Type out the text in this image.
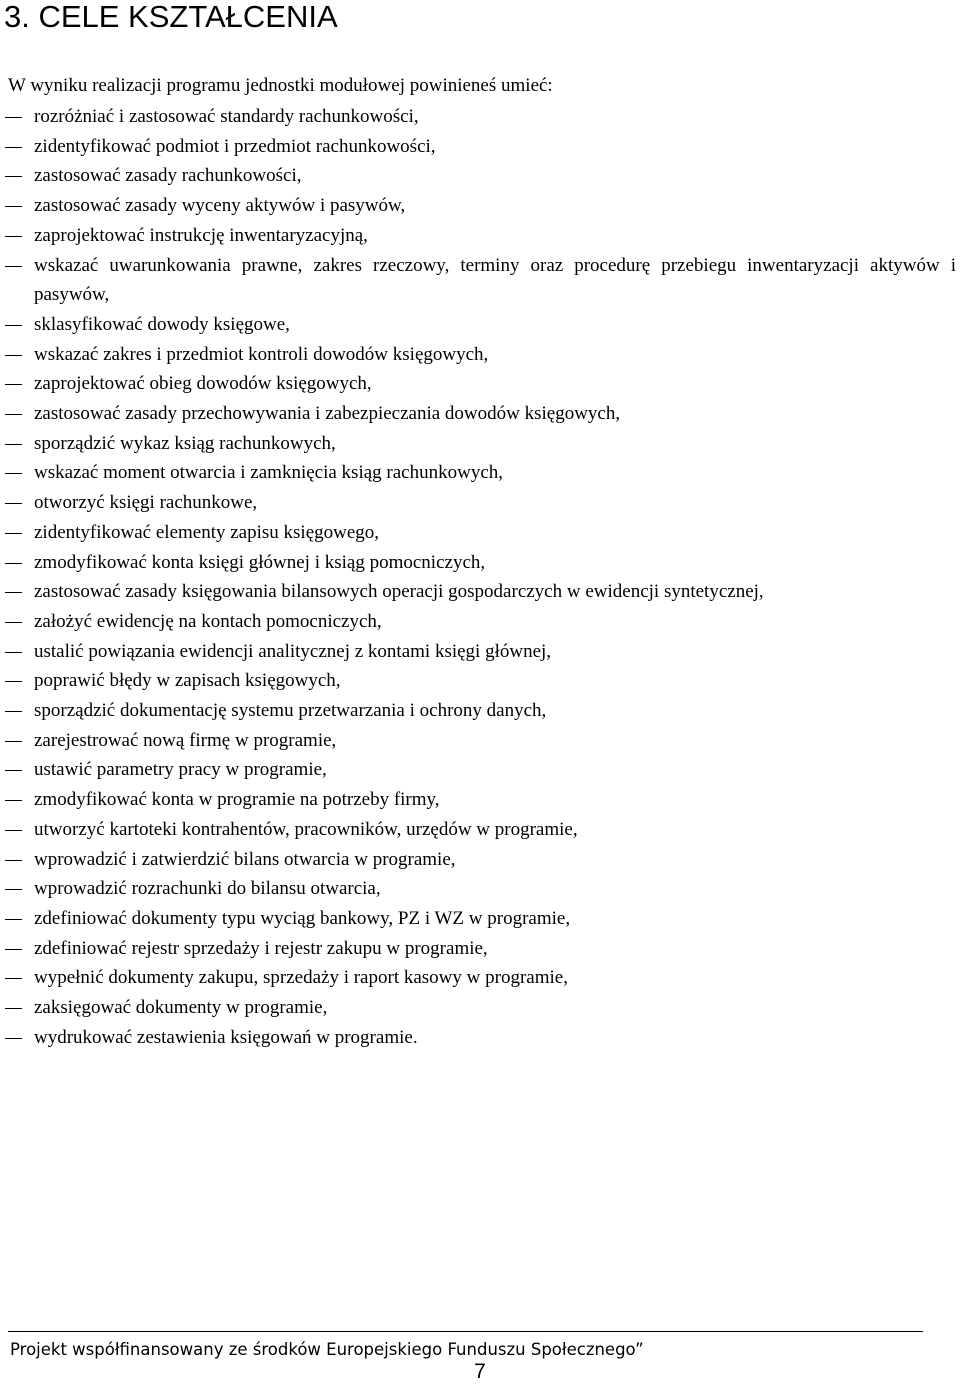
3. CELE KSZTAŁCENIA
W wyniku realizacji programu jednostki modułowej powinieneś umieć:
rozróżniać i zastosować standardy rachunkowości,
zidentyfikować podmiot i przedmiot rachunkowości,
zastosować zasady rachunkowości,
zastosować zasady wyceny aktywów i pasywów,
zaprojektować instrukcję inwentaryzacyjną,
wskazać uwarunkowania prawne, zakres rzeczowy, terminy oraz procedurę przebiegu inwentaryzacji aktywów i pasywów,
sklasyfikować dowody księgowe,
wskazać zakres i przedmiot kontroli dowodów księgowych,
zaprojektować obieg dowodów księgowych,
zastosować zasady przechowywania i zabezpieczania dowodów księgowych,
sporządzić wykaz ksiąg rachunkowych,
wskazać moment otwarcia i zamknięcia ksiąg rachunkowych,
otworzyć księgi rachunkowe,
zidentyfikować elementy zapisu księgowego,
zmodyfikować konta księgi głównej i ksiąg pomocniczych,
zastosować zasady księgowania bilansowych operacji gospodarczych w ewidencji syntetycznej,
założyć ewidencję na kontach pomocniczych,
ustalić powiązania ewidencji analitycznej z kontami księgi głównej,
poprawić błędy w zapisach księgowych,
sporządzić dokumentację systemu przetwarzania i ochrony danych,
zarejestrować nową firmę w programie,
ustawić parametry pracy w programie,
zmodyfikować konta w programie na potrzeby firmy,
utworzyć kartoteki kontrahentów, pracowników, urzędów w programie,
wprowadzić i zatwierdzić bilans otwarcia w programie,
wprowadzić rozrachunki do bilansu otwarcia,
zdefiniować dokumenty typu wyciąg bankowy, PZ i WZ w programie,
zdefiniować rejestr sprzedaży i rejestr zakupu w programie,
wypełnić dokumenty zakupu, sprzedaży i raport kasowy w programie,
zaksięgować dokumenty w programie,
wydrukować zestawienia księgowań w programie.
Projekt współfinansowany ze środków Europejskiego Funduszu Społecznego”
7
